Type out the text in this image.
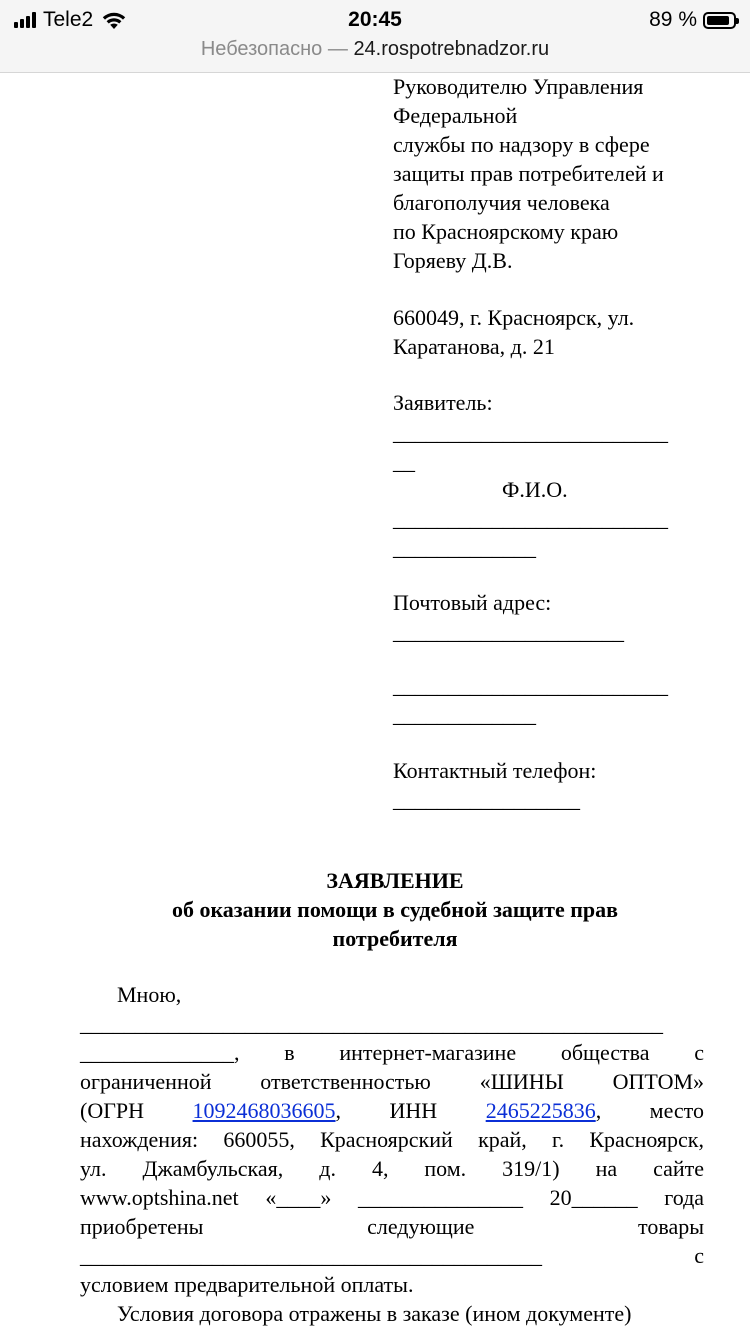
Tele2	20:45	89 %
Небезопасно — 24.rospotrebnadzor.ru
Руководителю Управления
Федеральной
службы по надзору в сфере
защиты прав потребителей и
благополучия человека
по Красноярскому краю
Горяеву Д.В.
660049, г. Красноярск, ул.
Каратанова, д. 21
Заявитель:
_________________________
__
Ф.И.О.
_________________________
_____________
Почтовый адрес:
_____________________
_________________________
_____________
Контактный телефон:
_________________
ЗАЯВЛЕНИЕ
об оказании помощи в судебной защите прав
потребителя
Мною,
_____________________________________________________
______________, в интернет-магазине общества с
ограниченной ответственностью «ШИНЫ ОПТОМ»
(ОГРН 1092468036605, ИНН 2465225836, место
нахождения: 660055, Красноярский край, г. Красноярск,
ул. Джамбульская, д. 4, пом. 319/1) на сайте
www.optshina.net «____» _______________ 20______ года
приобретены	следующие	товары
__________________________________________	с
условием предварительной оплаты.
Условия договора отражены в заказе (ином документе)
